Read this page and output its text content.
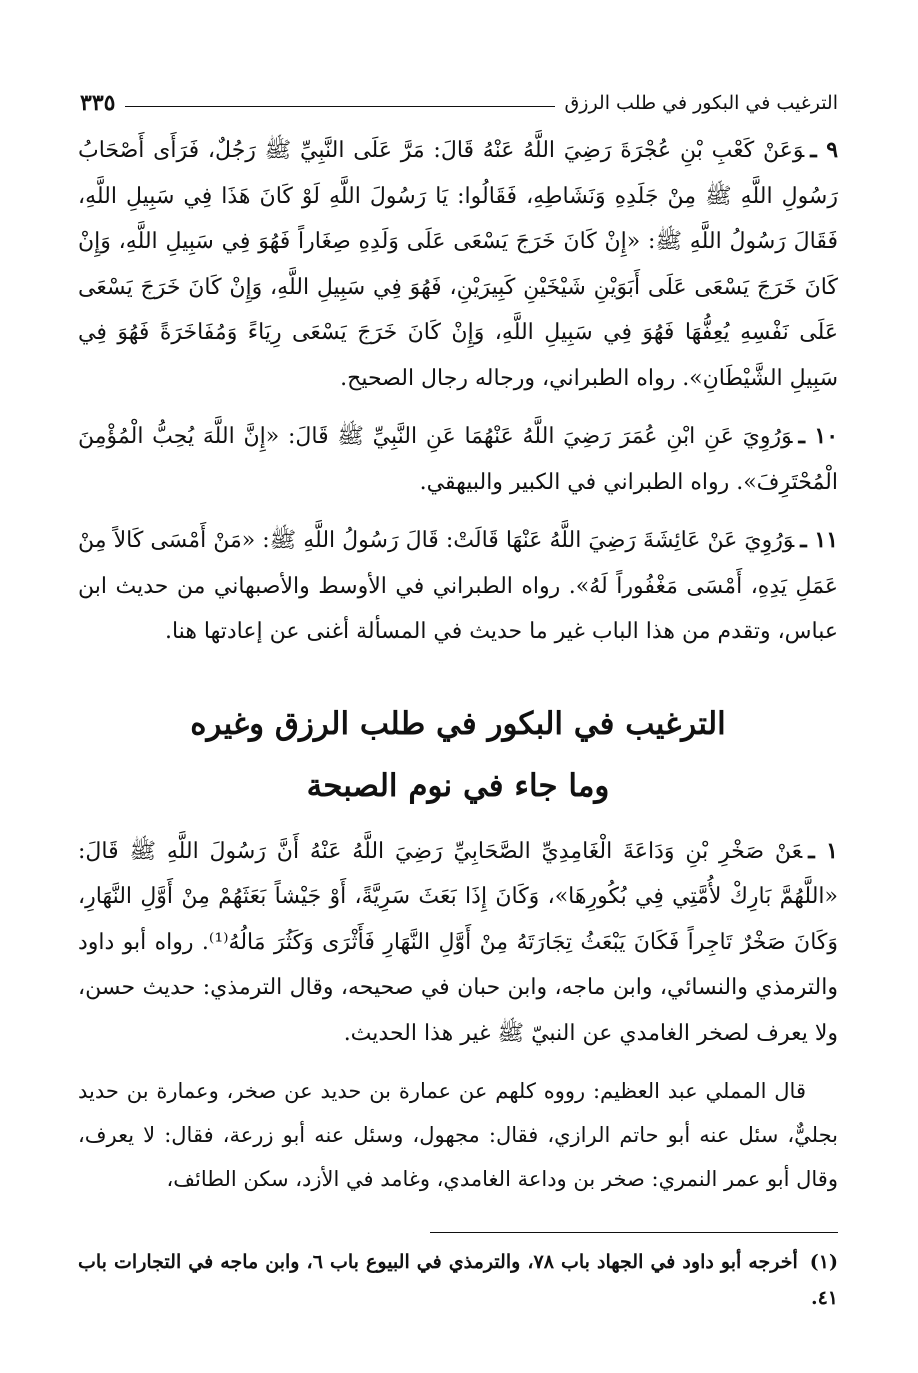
الترغيب في البكور في طلب الرزق
٣٣٥

٩ ـوَعَنْ كَعْبِ بْنِ عُجْرَةَ رَضِيَ اللَّهُ عَنْهُ قَالَ: مَرَّ عَلَى النَّبِيِّ ﷺ رَجُلٌ، فَرَأَى أَصْحَابُ رَسُولِ اللَّهِ ﷺ مِنْ جَلَدِهِ وَنَشَاطِهِ، فَقَالُوا: يَا رَسُولَ اللَّهِ لَوْ كَانَ هَذَا فِي سَبِيلِ اللَّهِ، فَقَالَ رَسُولُ اللَّهِ ﷺ: «إِنْ كَانَ خَرَجَ يَسْعَى عَلَى وَلَدِهِ صِغَاراً فَهُوَ فِي سَبِيلِ اللَّهِ، وَإِنْ كَانَ خَرَجَ يَسْعَى عَلَى أَبَوَيْنِ شَيْخَيْنِ كَبِيرَيْنِ، فَهُوَ فِي سَبِيلِ اللَّهِ، وَإِنْ كَانَ خَرَجَ يَسْعَى عَلَى نَفْسِهِ يُعِفُّهَا فَهُوَ فِي سَبِيلِ اللَّهِ، وَإِنْ كَانَ خَرَجَ يَسْعَى رِيَاءً وَمُفَاخَرَةً فَهُوَ فِي سَبِيلِ الشَّيْطَانِ». رواه الطبراني، ورجاله رجال الصحيح.

١٠ ـوَرُوِيَ عَنِ ابْنِ عُمَرَ رَضِيَ اللَّهُ عَنْهُمَا عَنِ النَّبِيِّ ﷺ قَالَ: «إِنَّ اللَّهَ يُحِبُّ الْمُؤْمِنَ الْمُحْتَرِفَ». رواه الطبراني في الكبير والبيهقي.

١١ ـوَرُوِيَ عَنْ عَائِشَةَ رَضِيَ اللَّهُ عَنْهَا قَالَتْ: قَالَ رَسُولُ اللَّهِ ﷺ: «مَنْ أَمْسَى كَالاً مِنْ عَمَلِ يَدِهِ، أَمْسَى مَغْفُوراً لَهُ». رواه الطبراني في الأوسط والأصبهاني من حديث ابن عباس، وتقدم من هذا الباب غير ما حديث في المسألة أغنى عن إعادتها هنا.

الترغيب في البكور في طلب الرزق وغيره
وما جاء في نوم الصبحة

١ ـعَنْ صَخْرِ بْنِ وَدَاعَةَ الْغَامِدِيِّ الصَّحَابِيِّ رَضِيَ اللَّهُ عَنْهُ أَنَّ رَسُولَ اللَّهِ ﷺ قَالَ: «اللَّهُمَّ بَارِكْ لأُمَّتِي فِي بُكُورِهَا»، وَكَانَ إِذَا بَعَثَ سَرِيَّةً، أَوْ جَيْشاً بَعَثَهُمْ مِنْ أَوَّلِ النَّهَارِ، وَكَانَ صَخْرٌ تَاجِراً فَكَانَ يَبْعَثُ تِجَارَتَهُ مِنْ أَوَّلِ النَّهَارِ فَأَثْرَى وَكَثُرَ مَالُهُ⁽¹⁾. رواه أبو داود والترمذي والنسائي، وابن ماجه، وابن حبان في صحيحه، وقال الترمذي: حديث حسن، ولا يعرف لصخر الغامدي عن النبيّ ﷺ غير هذا الحديث.

قال المملي عبد العظيم: رووه كلهم عن عمارة بن حديد عن صخر، وعمارة بن حديد بجليٌّ، سئل عنه أبو حاتم الرازي، فقال: مجهول، وسئل عنه أبو زرعة، فقال: لا يعرف، وقال أبو عمر النمري: صخر بن وداعة الغامدي، وغامد في الأزد، سكن الطائف،

(١)أخرجه أبو داود في الجهاد باب ٧٨، والترمذي في البيوع باب ٦، وابن ماجه في التجارات باب ٤١.
